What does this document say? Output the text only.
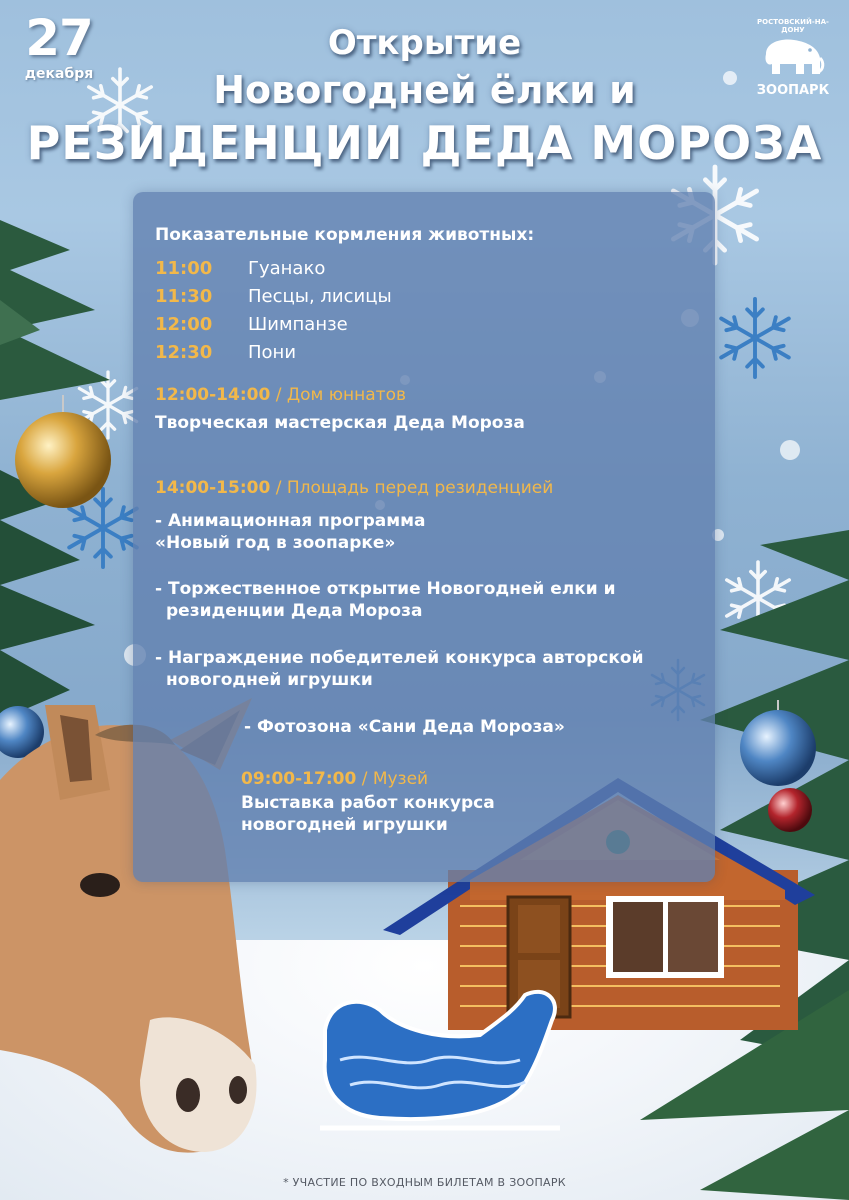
27
декабря
Открытие
Новогодней ёлки и
РЕЗИДЕНЦИИ ДЕДА МОРОЗА
РОСТОВСКИЙ-НА-ДОНУ
ЗООПАРК
Показательные кормления животных:
11:00 Гуанако
11:30 Песцы, лисицы
12:00 Шимпанзе
12:30 Пони
12:00-14:00 / Дом юннатов
Творческая мастерская Деда Мороза
14:00-15:00 / Площадь перед резиденцией
- Анимационная программа
«Новый год в зоопарке»
- Торжественное открытие Новогодней елки и
резиденции Деда Мороза
- Награждение победителей конкурса авторской
новогодней игрушки
- Фотозона «Сани Деда Мороза»
09:00-17:00 / Музей
Выставка работ конкурса
новогодней игрушки
* УЧАСТИЕ ПО ВХОДНЫМ БИЛЕТАМ В ЗООПАРК
